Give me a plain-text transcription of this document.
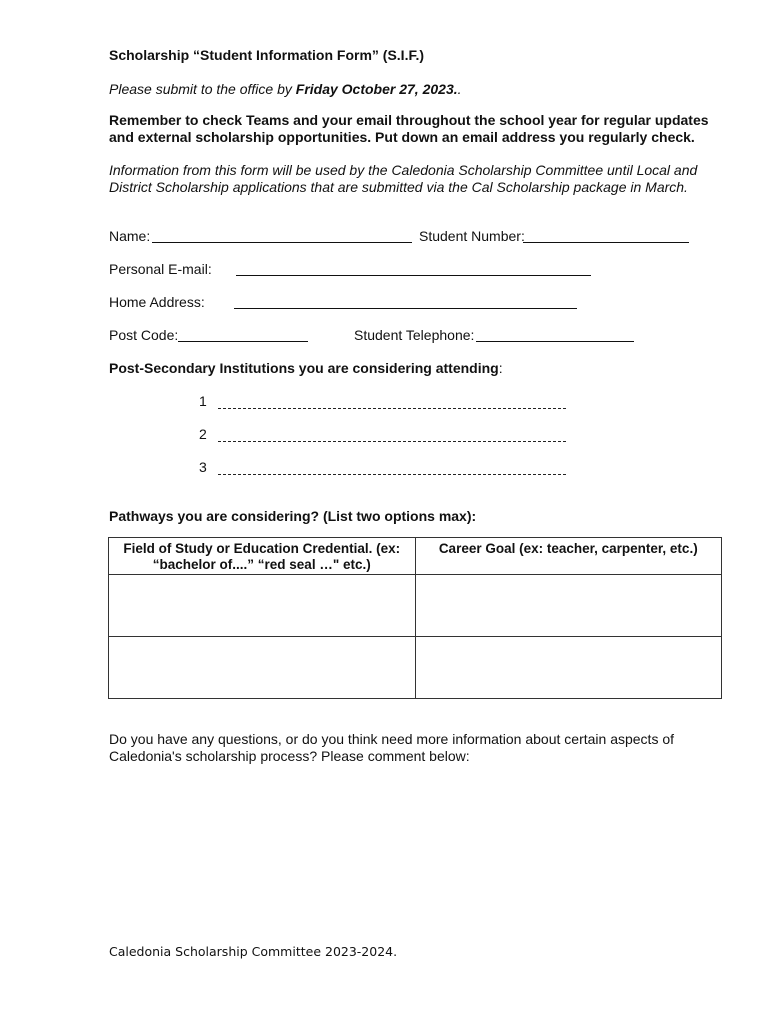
Scholarship “Student Information Form” (S.I.F.)
Please submit to the office by Friday October 27, 2023..
Remember to check Teams and your email throughout the school year for regular updates and external scholarship opportunities. Put down an email address you regularly check.
Information from this form will be used by the Caledonia Scholarship Committee until Local and District Scholarship applications that are submitted via the Cal Scholarship package in March.
Name:	Student Number:
Personal E-mail:
Home Address:
Post Code:	Student Telephone:
Post-Secondary Institutions you are considering attending:
1
2
3
Pathways you are considering? (List two options max):
Field of Study or Education Credential. (ex:
“bachelor of....” “red seal …" etc.)	Career Goal (ex: teacher, carpenter, etc.)

Do you have any questions, or do you think need more information about certain aspects of Caledonia's scholarship process? Please comment below:
Caledonia Scholarship Committee 2023-2024.
